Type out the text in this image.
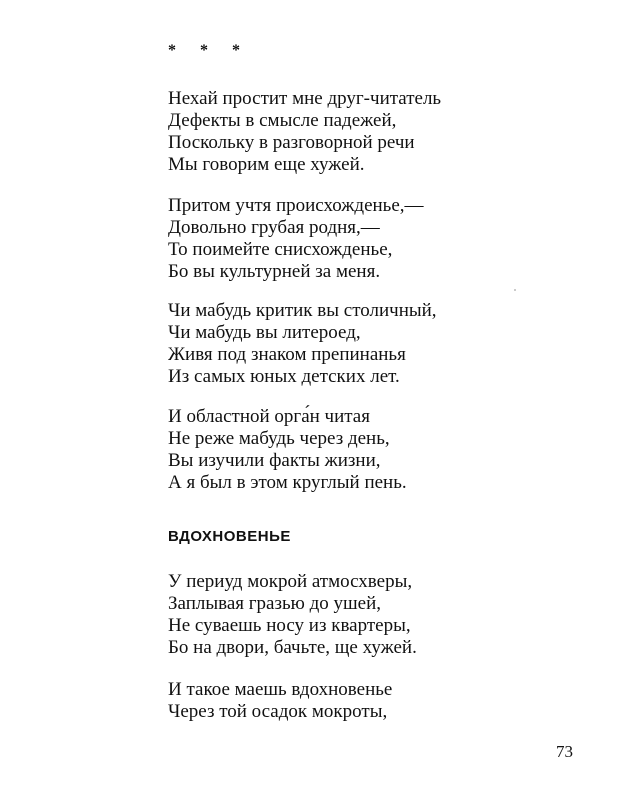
* * *
Нехай простит мне друг-читатель
Дефекты в смысле падежей,
Поскольку в разговорной речи
Мы говорим еще хужей.
Притом учтя происхожденье,—
Довольно грубая родня,—
То поимейте снисхожденье,
Бо вы культурней за меня.
Чи мабудь критик вы столичный,
Чи мабудь вы литероед,
Живя под знаком препинанья
Из самых юных детских лет.
И областной орга́н читая
Не реже мабудь через день,
Вы изучили факты жизни,
А я был в этом круглый пень.
ВДОХНОВЕНЬЕ
У периуд мокрой атмосхверы,
Заплывая гразью до ушей,
Не суваешь носу из квартеры,
Бо на двори, бачьте, ще хужей.
И такое маешь вдохновенье
Через той осадок мокроты,
73
